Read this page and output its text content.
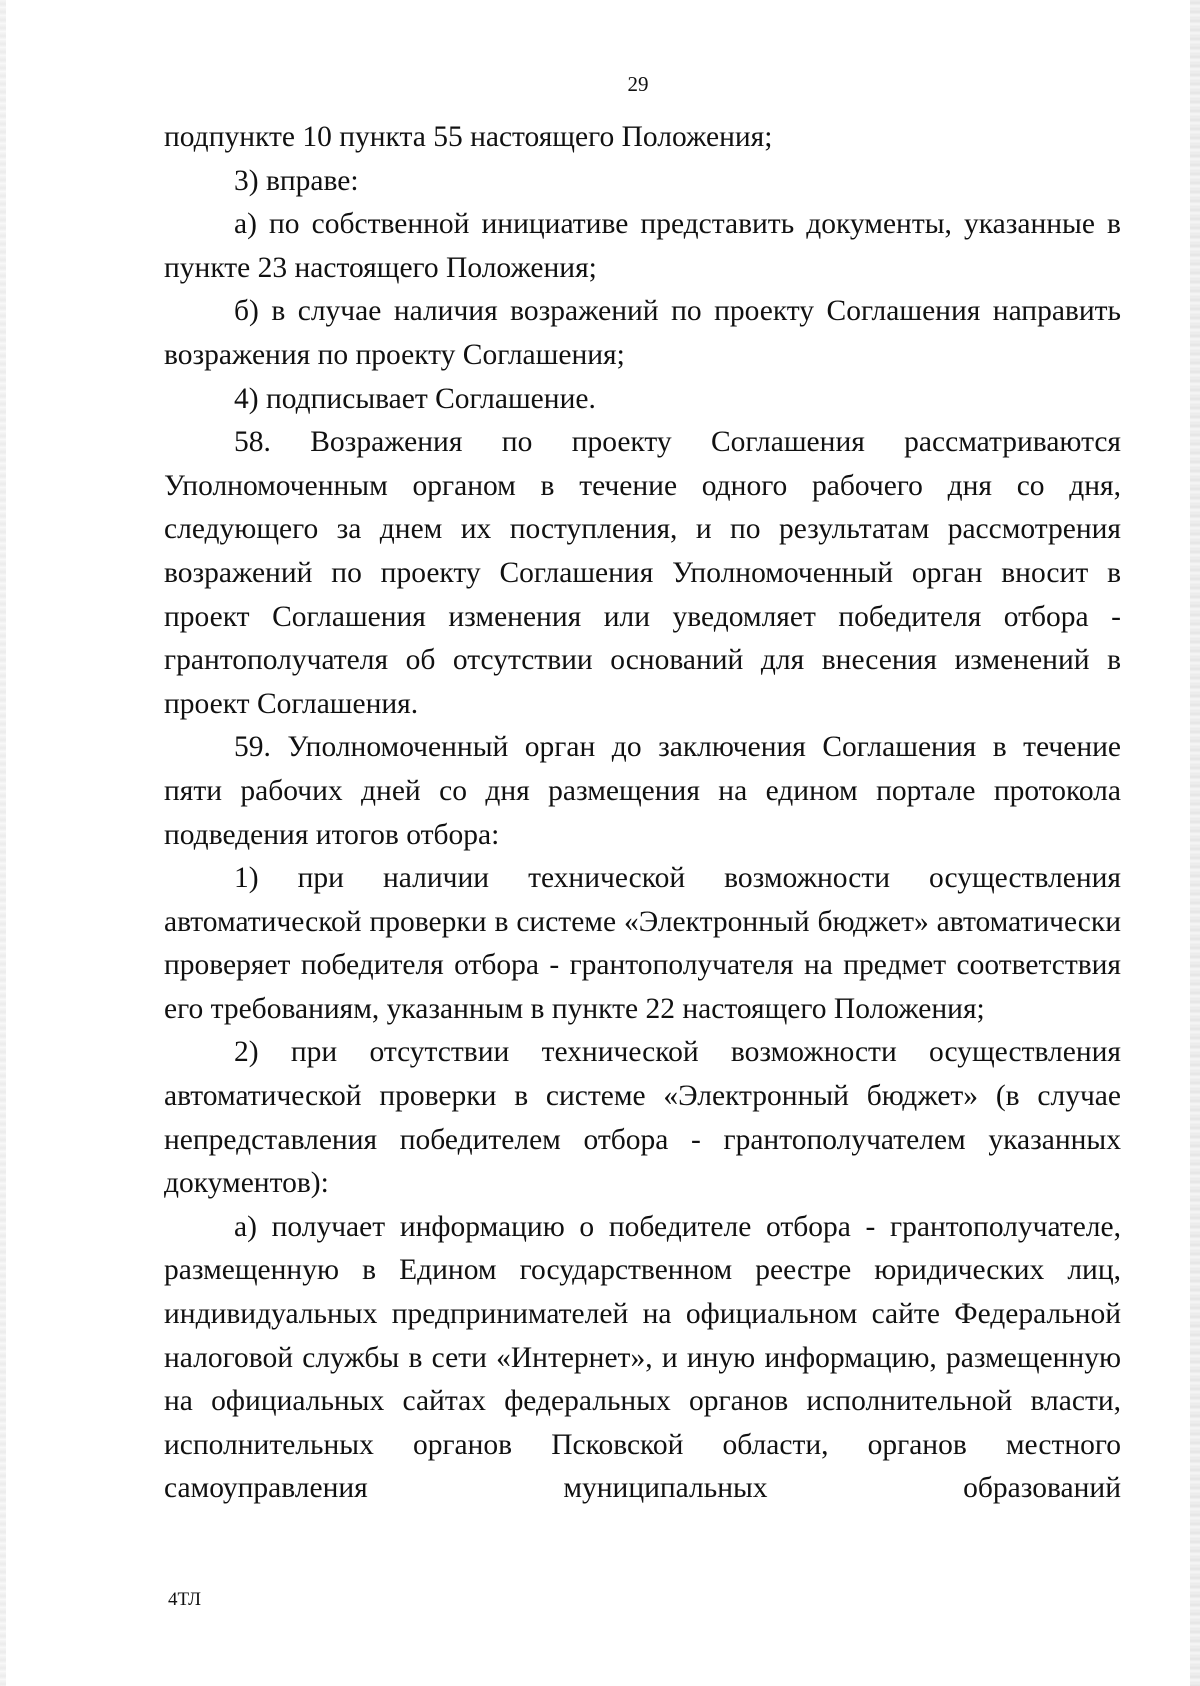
29

подпункте 10 пункта 55 настоящего Положения;

3) вправе:

а) по собственной инициативе представить документы, указанные в пункте 23 настоящего Положения;

б) в случае наличия возражений по проекту Соглашения направить возражения по проекту Соглашения;

4) подписывает Соглашение.

58. Возражения по проекту Соглашения рассматриваются Уполномоченным органом в течение одного рабочего дня со дня, следующего за днем их поступления, и по результатам рассмотрения возражений по проекту Соглашения Уполномоченный орган вносит в проект Соглашения изменения или уведомляет победителя отбора - грантополучателя об отсутствии оснований для внесения изменений в проект Соглашения.

59. Уполномоченный орган до заключения Соглашения в течение пяти рабочих дней со дня размещения на едином портале протокола подведения итогов отбора:

1) при наличии технической возможности осуществления автоматической проверки в системе «Электронный бюджет» автоматически проверяет победителя отбора - грантополучателя на предмет соответствия его требованиям, указанным в пункте 22 настоящего Положения;

2) при отсутствии технической возможности осуществления автоматической проверки в системе «Электронный бюджет» (в случае непредставления победителем отбора - грантополучателем указанных документов):

а) получает информацию о победителе отбора - грантополучателе, размещенную в Едином государственном реестре юридических лиц, индивидуальных предпринимателей на официальном сайте Федеральной налоговой службы в сети «Интернет», и иную информацию, размещенную на официальных сайтах федеральных органов исполнительной власти, исполнительных органов Псковской области, органов местного самоуправления муниципальных образований

4ТЛ
